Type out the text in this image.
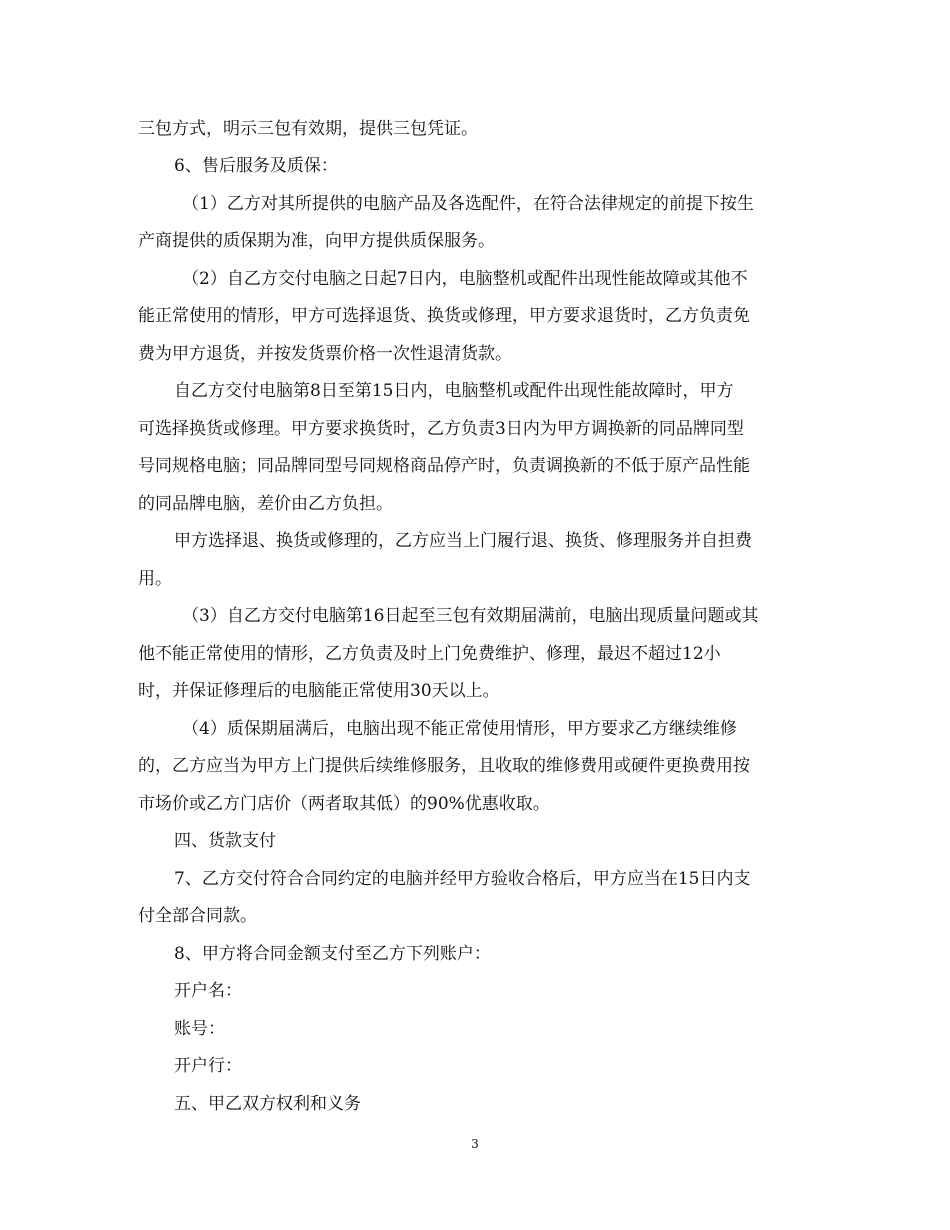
三包方式，明示三包有效期，提供三包凭证。
6、售后服务及质保：
（1）乙方对其所提供的电脑产品及各选配件，在符合法律规定的前提下按生
产商提供的质保期为准，向甲方提供质保服务。
（2）自乙方交付电脑之日起7日内，电脑整机或配件出现性能故障或其他不
能正常使用的情形，甲方可选择退货、换货或修理，甲方要求退货时，乙方负责免
费为甲方退货，并按发货票价格一次性退清货款。
自乙方交付电脑第8日至第15日内，电脑整机或配件出现性能故障时，甲方
可选择换货或修理。甲方要求换货时，乙方负责3日内为甲方调换新的同品牌同型
号同规格电脑；同品牌同型号同规格商品停产时，负责调换新的不低于原产品性能
的同品牌电脑，差价由乙方负担。
甲方选择退、换货或修理的，乙方应当上门履行退、换货、修理服务并自担费
用。
（3）自乙方交付电脑第16日起至三包有效期届满前，电脑出现质量问题或其
他不能正常使用的情形，乙方负责及时上门免费维护、修理，最迟不超过12小
时，并保证修理后的电脑能正常使用30天以上。
（4）质保期届满后，电脑出现不能正常使用情形，甲方要求乙方继续维修
的，乙方应当为甲方上门提供后续维修服务，且收取的维修费用或硬件更换费用按
市场价或乙方门店价（两者取其低）的90%优惠收取。
四、货款支付
7、乙方交付符合合同约定的电脑并经甲方验收合格后，甲方应当在15日内支
付全部合同款。
8、甲方将合同金额支付至乙方下列账户：
开户名：
账号：
开户行：
五、甲乙双方权利和义务
3
